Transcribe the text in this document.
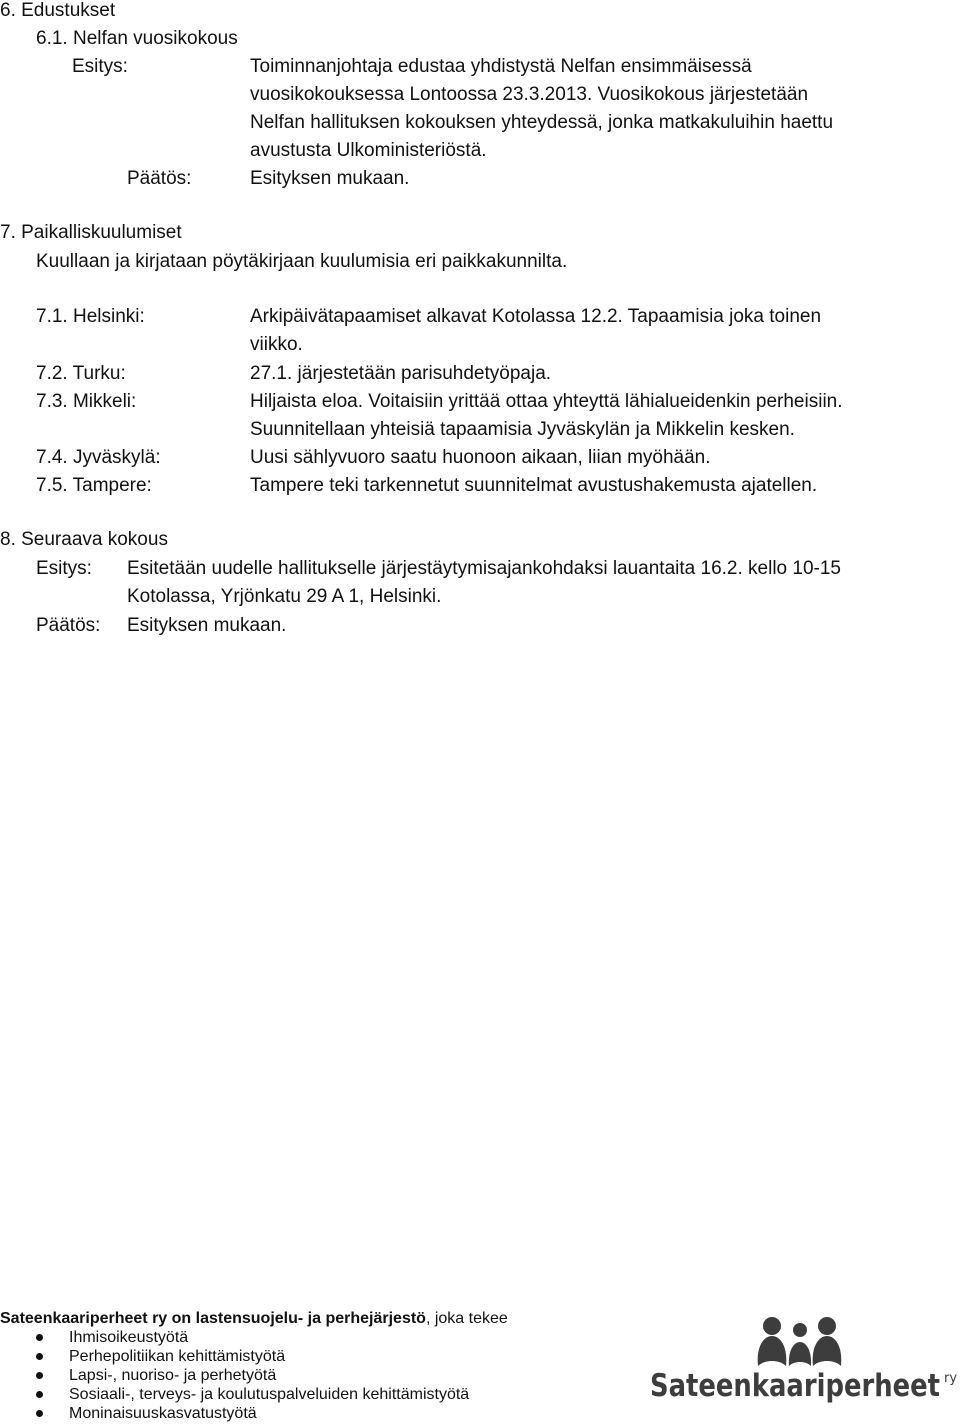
6. Edustukset
6.1. Nelfan vuosikokous
Esitys:	Toiminnanjohtaja edustaa yhdistystä Nelfan ensimmäisessä
vuosikokouksessa Lontoossa 23.3.2013. Vuosikokous järjestetään
Nelfan hallituksen kokouksen yhteydessä, jonka matkakuluihin haettu
avustusta Ulkoministeriöstä.
Päätös:	Esityksen mukaan.
7. Paikalliskuulumiset
Kuullaan ja kirjataan pöytäkirjaan kuulumisia eri paikkakunnilta.
7.1. Helsinki:	Arkipäivätapaamiset alkavat Kotolassa 12.2. Tapaamisia joka toinen
viikko.
7.2. Turku:	27.1. järjestetään parisuhdetyöpaja.
7.3. Mikkeli:	Hiljaista eloa. Voitaisiin yrittää ottaa yhteyttä lähialueidenkin perheisiin.
Suunnitellaan yhteisiä tapaamisia Jyväskylän ja Mikkelin kesken.
7.4. Jyväskylä:	Uusi sählyvuoro saatu huonoon aikaan, liian myöhään.
7.5. Tampere:	Tampere teki tarkennetut suunnitelmat avustushakemusta ajatellen.
8. Seuraava kokous
Esitys: Esitetään uudelle hallitukselle järjestäytymisajankohdaksi lauantaita 16.2. kello 10-15
Kotolassa, Yrjönkatu 29 A 1, Helsinki.
Päätös: Esityksen mukaan.
Sateenkaariperheet ry on lastensuojelu- ja perhejärjestö, joka tekee
Ihmisoikeustyötä
Perhepolitiikan kehittämistyötä
Lapsi-, nuoriso- ja perhetyötä
Sosiaali-, terveys- ja koulutuspalveluiden kehittämistyötä
Moninaisuuskasvatustyötä
Sateenkaariperheet ry
